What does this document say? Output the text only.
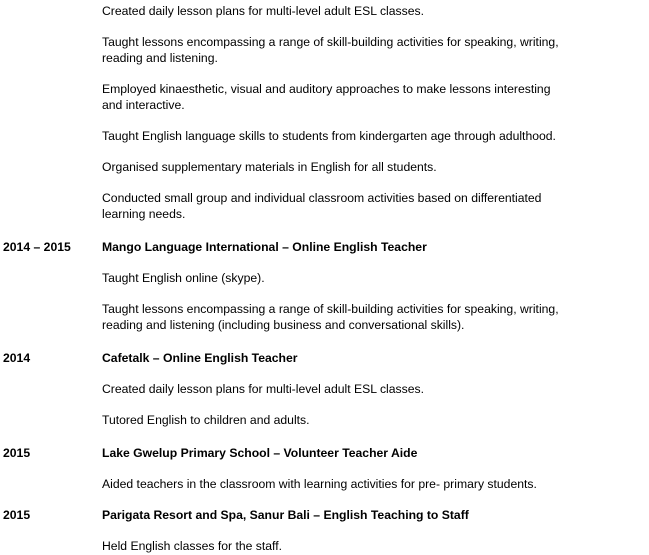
Created daily lesson plans for multi-level adult ESL classes.
Taught lessons encompassing a range of skill-building activities for speaking, writing,
reading and listening.
Employed kinaesthetic, visual and auditory approaches to make lessons interesting
and interactive.
Taught English language skills to students from kindergarten age through adulthood.
Organised supplementary materials in English for all students.
Conducted small group and individual classroom activities based on differentiated
learning needs.
2014 – 2015	Mango Language International – Online English Teacher
Taught English online (skype).
Taught lessons encompassing a range of skill-building activities for speaking, writing,
reading and listening (including business and conversational skills).
2014	Cafetalk – Online English Teacher
Created daily lesson plans for multi-level adult ESL classes.
Tutored English to children and adults.
2015	Lake Gwelup Primary School – Volunteer Teacher Aide
Aided teachers in the classroom with learning activities for pre- primary students.
2015	Parigata Resort and Spa, Sanur Bali – English Teaching to Staff
Held English classes for the staff.
